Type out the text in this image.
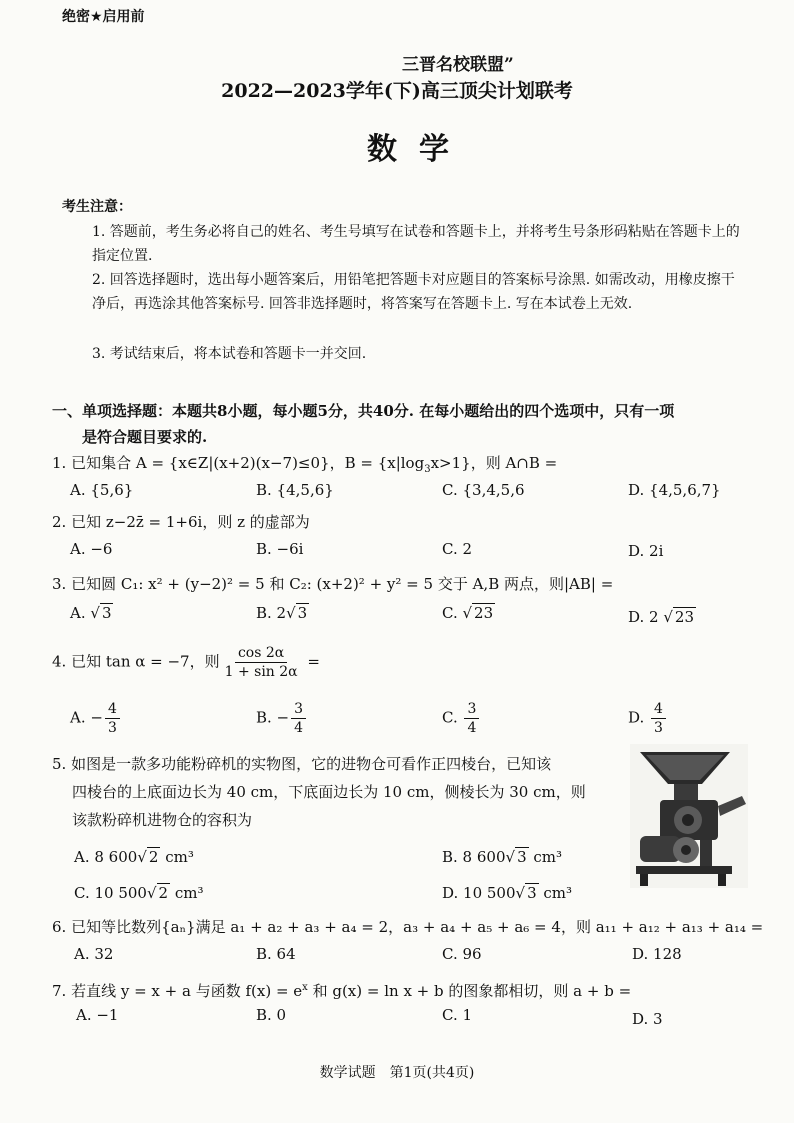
绝密★启用前
三晋名校联盟”
2022—2023学年(下)高三顶尖计划联考
数学
考生注意：
1. 答题前，考生务必将自己的姓名、考生号填写在试卷和答题卡上，并将考生号条形码粘贴在答题卡上的指定位置.
2. 回答选择题时，选出每小题答案后，用铅笔把答题卡对应题目的答案标号涂黑. 如需改动，用橡皮擦干净后，再选涂其他答案标号. 回答非选择题时，将答案写在答题卡上. 写在本试卷上无效.
3. 考试结束后，将本试卷和答题卡一并交回.
一、单项选择题：本题共8小题，每小题5分，共40分. 在每小题给出的四个选项中，只有一项
是符合题目要求的.
1. 已知集合 A = {x∈Z|(x+2)(x−7)≤0}，$B = \{x|\log_3x>1\}$，则 A∩B =
A. {5,6}	B. {4,5,6}	C. {3,4,5,6	D. {4,5,6,7}
2. 已知 z−2z̄ = 1+6i，则 z 的虚部为
A. −6	B. −6i	C. 2	D. 2i
3. 已知圆 C₁: x² + (y−2)² = 5 和 C₂: (x+2)² + y² = 5 交于 A,B 两点，则|AB| =
A. √ 3	B. 2√ 3	C. √ 23	D. 2 √ 23
4. 已知 tan α = −7，则 $\frac{\cos 2\alpha}{1 + \sin 2\alpha}$ =
A. − $\frac{4}{3}$	B. − $\frac{3}{4}$	C. $\frac{3}{4}$	D. $\frac{4}{3}$
5. 如图是一款多功能粉碎机的实物图，它的进物仓可看作正四棱台，已知该
四棱台的上底面边长为 40 cm，下底面边长为 10 cm，侧棱长为 30 cm，则
该款粉碎机进物仓的容积为
A. 8 600√ 2 cm³	B. 8 600√ 3 cm³
C. 10 500√ 2 cm³	D. 10 500√ 3 cm³
6. 已知等比数列{aₙ}满足 a₁ + a₂ + a₃ + a₄ = 2，a₃ + a₄ + a₅ + a₆ = 4，则 a₁₁ + a₁₂ + a₁₃ + a₁₄ =
A. 32	B. 64	C. 96	D. 128
7. 若直线 y = x + a 与函数 $f(x) = e^x$ 和 g(x) = ln x + b 的图象都相切，则 a + b =
A. −1	B. 0	C. 1	D. 3
数学试题　第1页(共4页)
